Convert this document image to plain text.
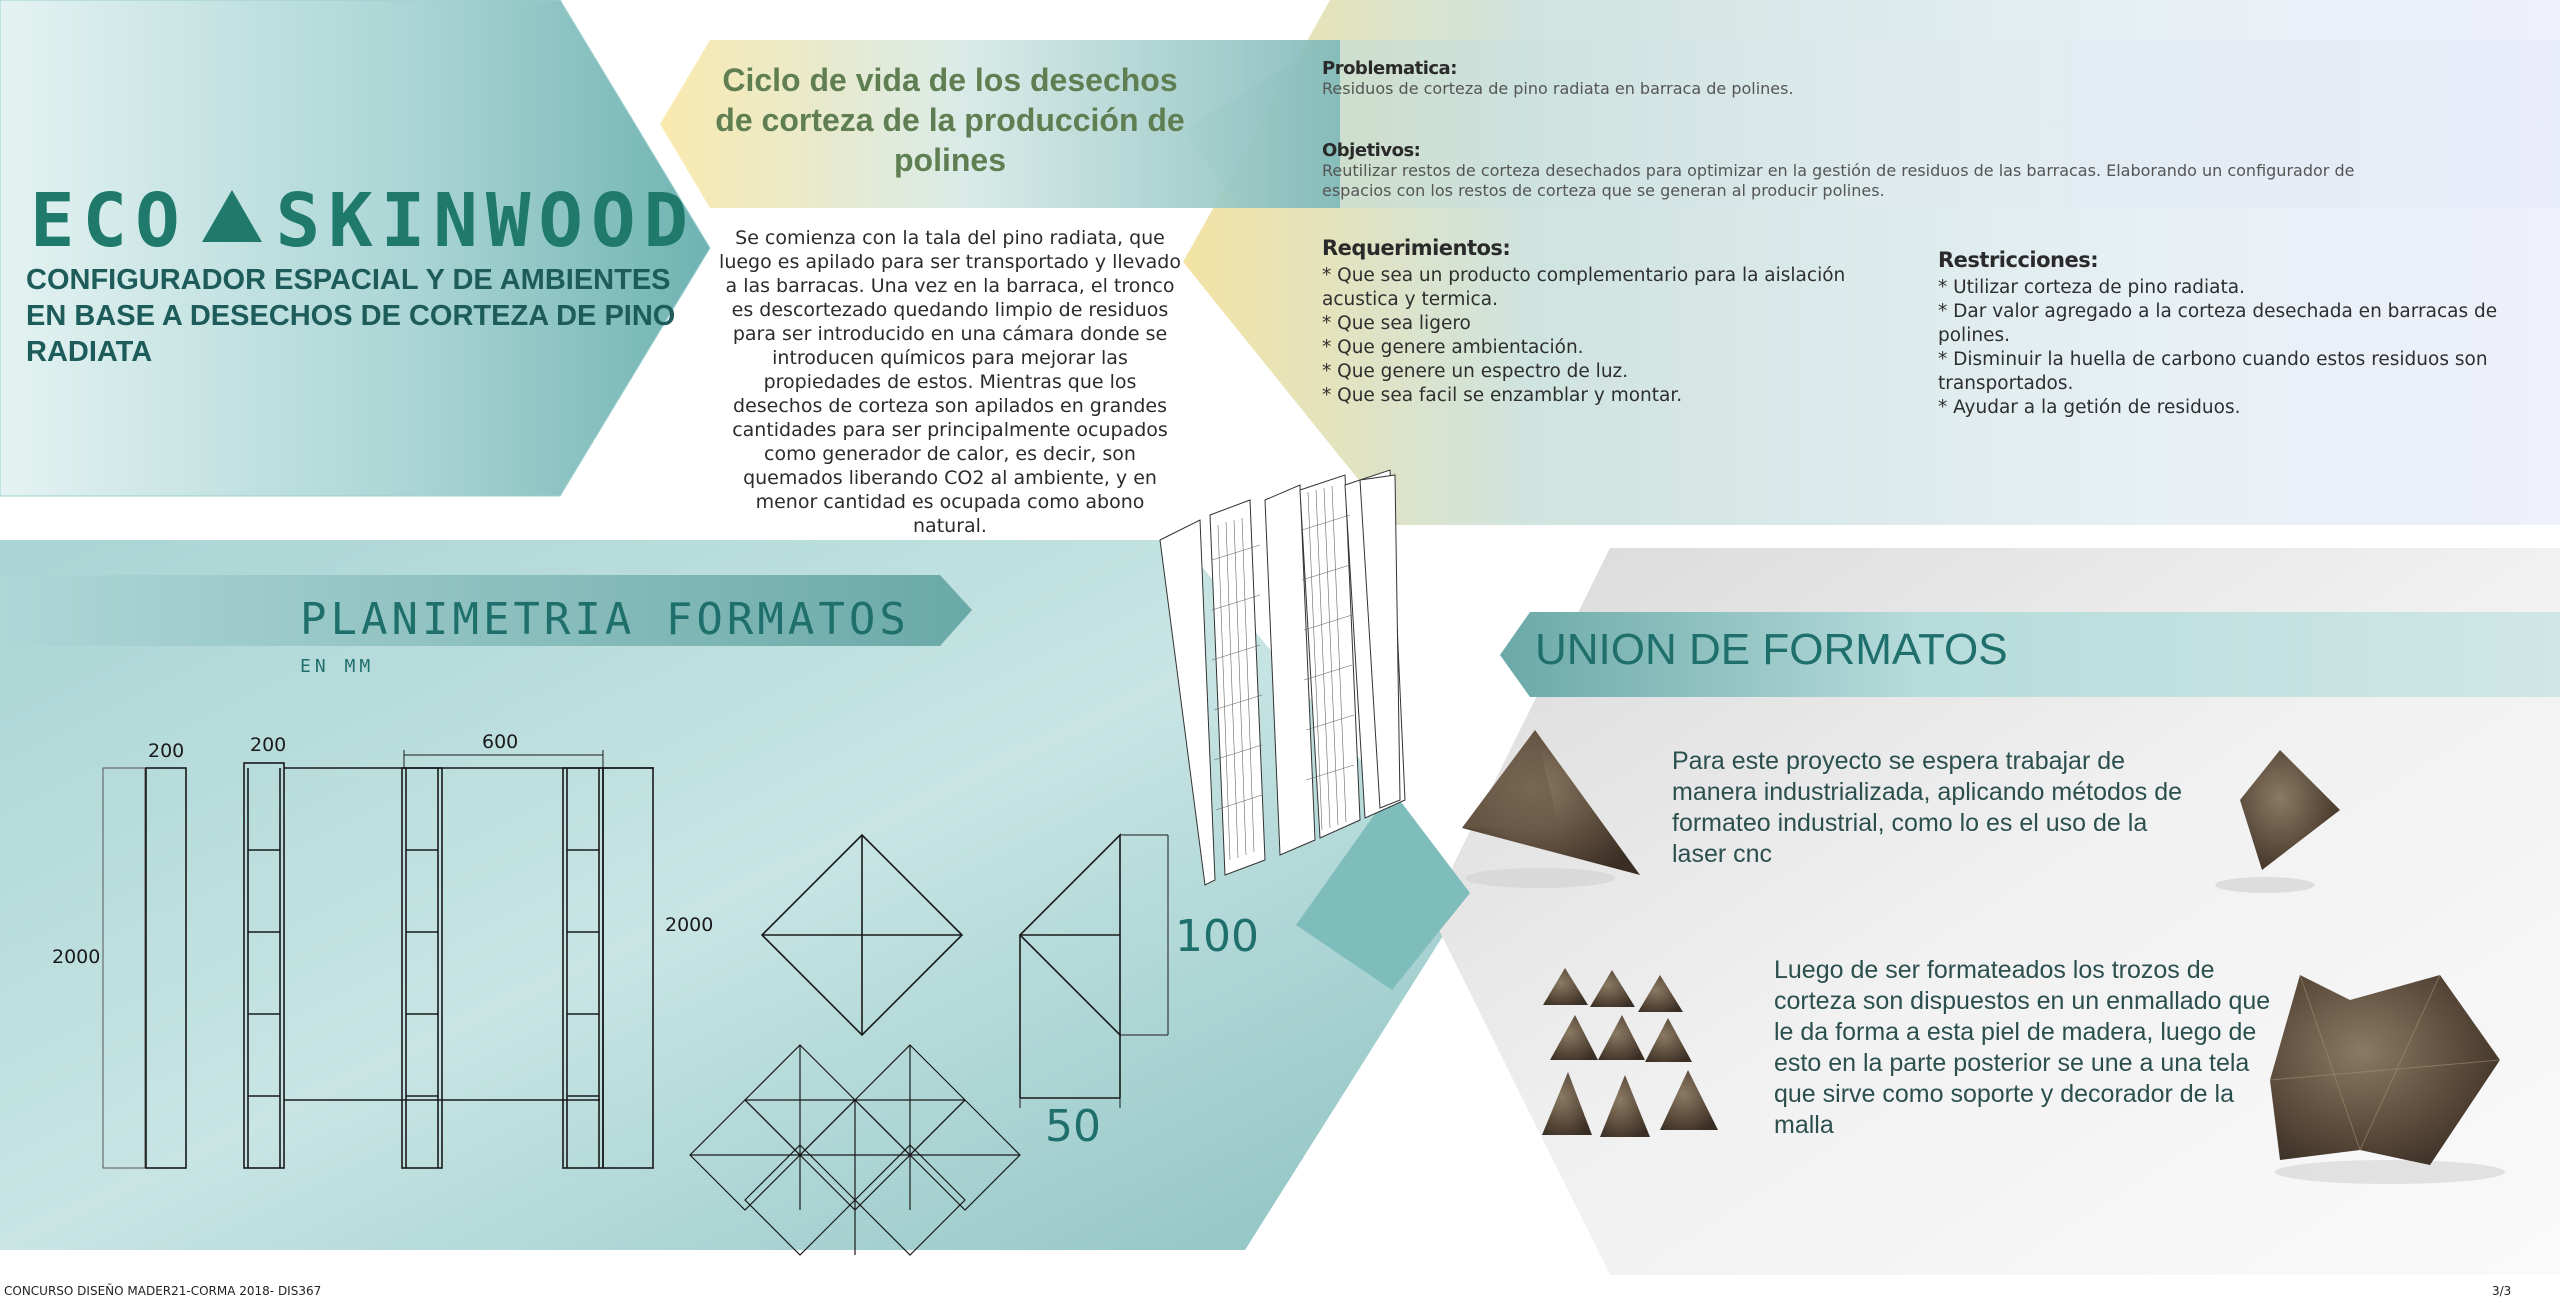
200	200	600
2000
2000	100
50
ECO SKINWOOD
CONFIGURADOR ESPACIAL Y DE AMBIENTES EN BASE A DESECHOS DE CORTEZA DE PINO RADIATA
Ciclo de vida de los desechos de corteza de la producción de polines
Se comienza con la tala del pino radiata, que luego es apilado para ser transportado y llevado a las barracas. Una vez en la barraca, el tronco es descortezado quedando limpio de residuos para ser introducido en una cámara donde se introducen químicos para mejorar las propiedades de estos. Mientras que los desechos de corteza son apilados en grandes cantidades para ser principalmente ocupados como generador de calor, es decir, son quemados liberando CO2 al ambiente, y en menor cantidad es ocupada como abono natural.
Problematica:
Residuos de corteza de pino radiata en barraca de polines.
Objetivos:
Reutilizar restos de corteza desechados para optimizar en la gestión de residuos de las barracas. Elaborando un configurador de espacios con los restos de corteza que se generan al producir polines.
Requerimientos:
* Que sea un producto complementario para la aislación acustica y termica.
* Que sea ligero
* Que genere ambientación.
* Que genere un espectro de luz.
* Que sea facil se enzamblar y montar.
Restricciones:
* Utilizar corteza de pino radiata.
* Dar valor agregado a la corteza desechada en barracas de polines.
* Disminuir la huella de carbono cuando estos residuos son transportados.
* Ayudar a la getión de residuos.
PLANIMETRIA FORMATOS
EN MM	UNION DE FORMATOS
Para este proyecto se espera trabajar de manera industrializada, aplicando métodos de formateo industrial, como lo es el uso de la laser cnc
Luego de ser formateados los trozos de corteza son dispuestos en un enmallado que le da forma a esta piel de madera, luego de esto en la parte posterior se une a una tela que sirve como soporte y decorador de la malla
CONCURSO DISEÑO MADER21-CORMA 2018- DIS367	3/3
